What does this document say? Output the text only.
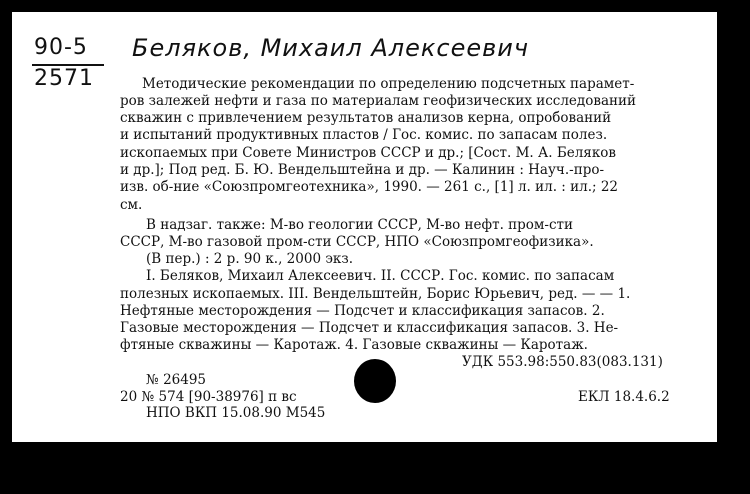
90-5
2571
Беляков, Михаил Алексеевич
Методические рекомендации по определению подсчетных парамет-
ров залежей нефти и газа по материалам геофизических исследований
скважин с привлечением результатов анализов керна, опробований
и испытаний продуктивных пластов / Гос. комис. по запасам полез.
ископаемых при Совете Министров СССР и др.; [Сост. М. А. Беляков
и др.]; Под ред. Б. Ю. Вендельштейна и др. — Калинин : Науч.-про-
изв. об-ние «Союзпромгеотехника», 1990. — 261 с., [1] л. ил. : ил.; 22
см.
В надзаг. также: М-во геологии СССР, М-во нефт. пром-сти
СССР, М-во газовой пром-сти СССР, НПО «Союзпромгеофизика».
(В пер.) : 2 р. 90 к., 2000 экз.
I. Беляков, Михаил Алексеевич. II. СССР. Гос. комис. по запасам
полезных ископаемых. III. Вендельштейн, Борис Юрьевич, ред. — — 1.
Нефтяные месторождения — Подсчет и классификация запасов. 2.
Газовые месторождения — Подсчет и классификация запасов. 3. Не-
фтяные скважины — Каротаж. 4. Газовые скважины — Каротаж.
УДК 553.98:550.83(083.131)
№ 26495
20 № 574 [90-38976] п вс	ЕКЛ 18.4.6.2
НПО ВКП 15.08.90 М545
